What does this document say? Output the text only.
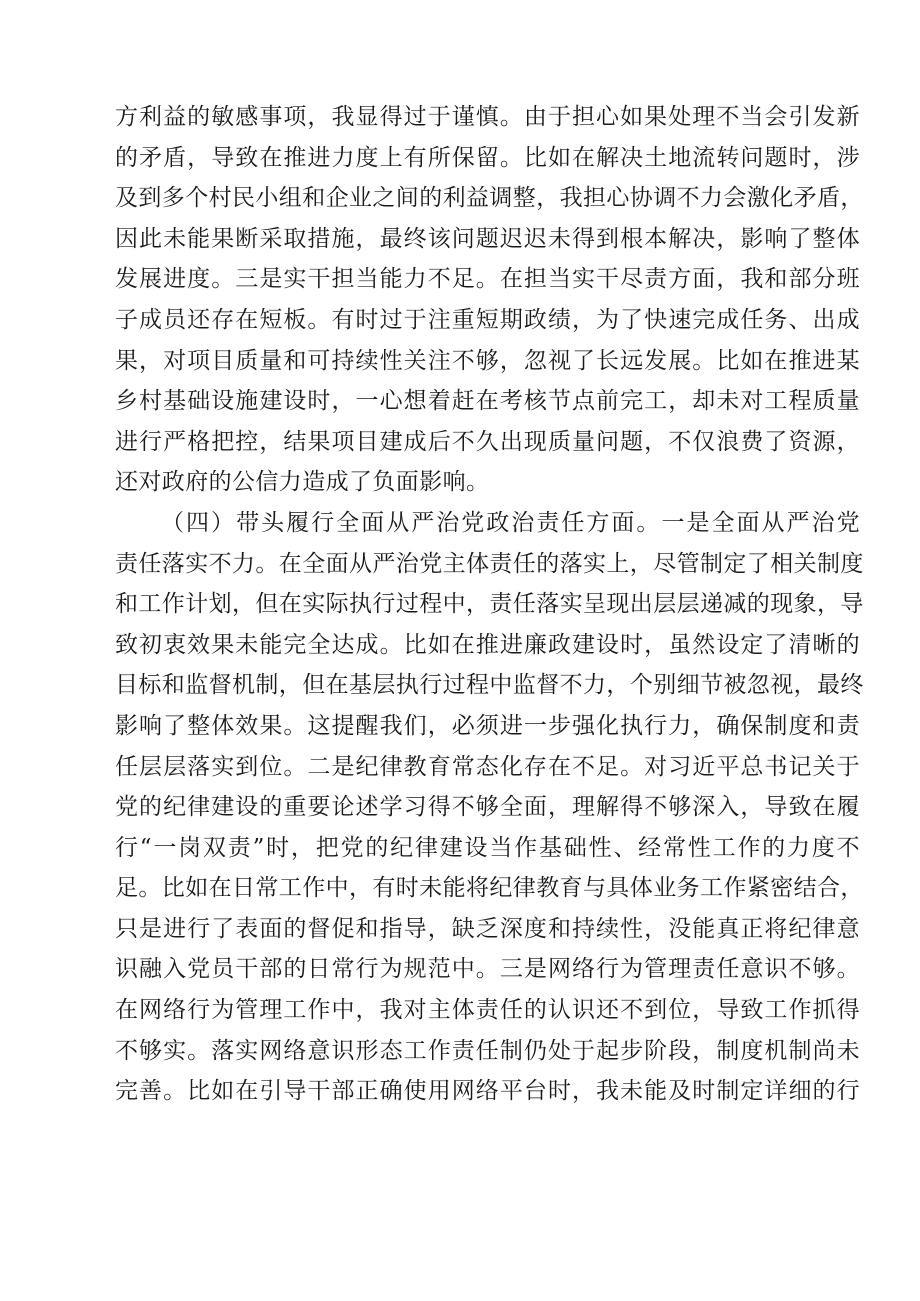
方利益的敏感事项，我显得过于谨慎。由于担心如果处理不当会引发新
的矛盾，导致在推进力度上有所保留。比如在解决土地流转问题时，涉
及到多个村民小组和企业之间的利益调整，我担心协调不力会激化矛盾，
因此未能果断采取措施，最终该问题迟迟未得到根本解决，影响了整体
发展进度。三是实干担当能力不足。在担当实干尽责方面，我和部分班
子成员还存在短板。有时过于注重短期政绩，为了快速完成任务、出成
果，对项目质量和可持续性关注不够，忽视了长远发展。比如在推进某
乡村基础设施建设时，一心想着赶在考核节点前完工，却未对工程质量
进行严格把控，结果项目建成后不久出现质量问题，不仅浪费了资源，
还对政府的公信力造成了负面影响。
（四）带头履行全面从严治党政治责任方面。一是全面从严治党
责任落实不力。在全面从严治党主体责任的落实上，尽管制定了相关制度
和工作计划，但在实际执行过程中，责任落实呈现出层层递减的现象，导
致初衷效果未能完全达成。比如在推进廉政建设时，虽然设定了清晰的
目标和监督机制，但在基层执行过程中监督不力，个别细节被忽视，最终
影响了整体效果。这提醒我们，必须进一步强化执行力，确保制度和责
任层层落实到位。二是纪律教育常态化存在不足。对习近平总书记关于
党的纪律建设的重要论述学习得不够全面，理解得不够深入，导致在履
行“一岗双责”时，把党的纪律建设当作基础性、经常性工作的力度不
足。比如在日常工作中，有时未能将纪律教育与具体业务工作紧密结合，
只是进行了表面的督促和指导，缺乏深度和持续性，没能真正将纪律意
识融入党员干部的日常行为规范中。三是网络行为管理责任意识不够。
在网络行为管理工作中，我对主体责任的认识还不到位，导致工作抓得
不够实。落实网络意识形态工作责任制仍处于起步阶段，制度机制尚未
完善。比如在引导干部正确使用网络平台时，我未能及时制定详细的行
